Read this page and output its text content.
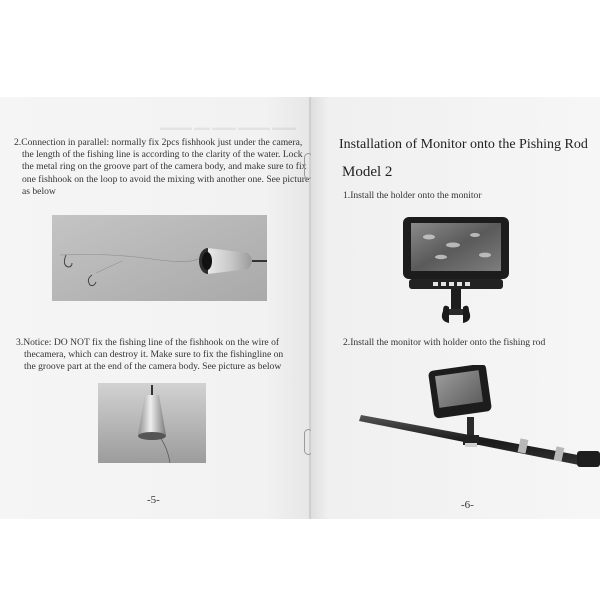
▬▬▬▬ ▬▬ ▬▬▬ ▬▬▬▬ ▬▬▬
2.Connection in parallel: normally fix 2pcs fishhook just under the camera,
the length of the fishing line is according to the clarity of the water. Lock
the metal ring on the groove part of the camera body, and make sure to fix
one fishhook on the loop to avoid the mixing with another one. See picture
as below
3.Notice: DO NOT fix the fishing line of the fishhook on the wire of
thecamera, which can destroy it. Make sure to fix the fishingline on
the groove part at the end of the camera body. See picture as below
-5-
Installation of Monitor onto the Pishing Rod
Model 2
1.Install the holder onto the monitor
2.Install the monitor with holder onto the fishing rod
-6-
